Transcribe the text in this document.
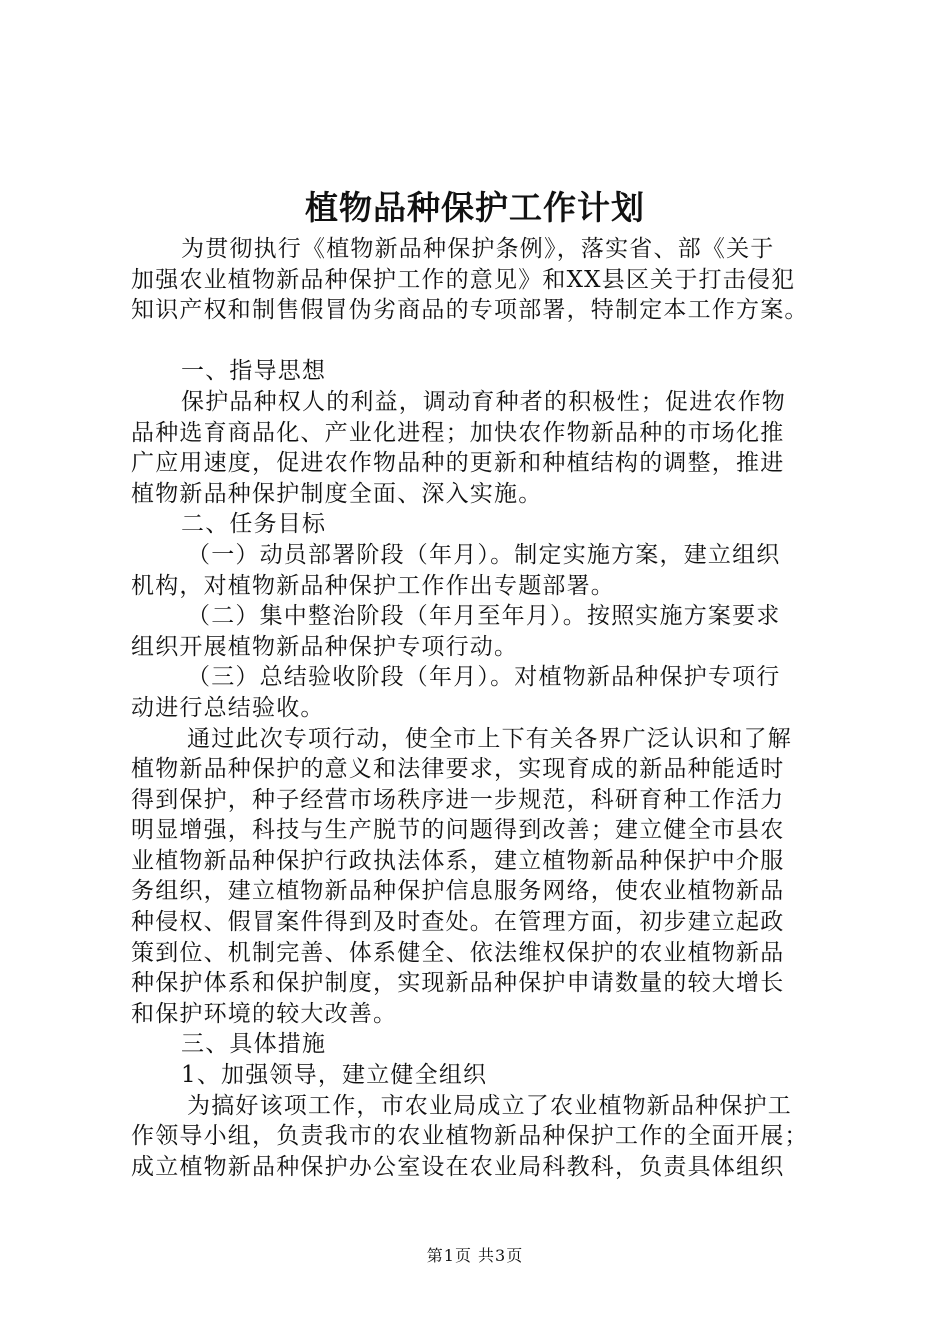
植物品种保护工作计划
为贯彻执行《植物新品种保护条例》，落实省、部《关于
加强农业植物新品种保护工作的意见》和XX县区关于打击侵犯
知识产权和制售假冒伪劣商品的专项部署，特制定本工作方案。
一、指导思想
保护品种权人的利益，调动育种者的积极性；促进农作物
品种选育商品化、产业化进程；加快农作物新品种的市场化推
广应用速度，促进农作物品种的更新和种植结构的调整，推进
植物新品种保护制度全面、深入实施。
二、任务目标
（一）动员部署阶段（年月）。制定实施方案，建立组织
机构，对植物新品种保护工作作出专题部署。
（二）集中整治阶段（年月至年月）。按照实施方案要求
组织开展植物新品种保护专项行动。
（三）总结验收阶段（年月）。对植物新品种保护专项行
动进行总结验收。
通过此次专项行动，使全市上下有关各界广泛认识和了解
植物新品种保护的意义和法律要求，实现育成的新品种能适时
得到保护，种子经营市场秩序进一步规范，科研育种工作活力
明显增强，科技与生产脱节的问题得到改善；建立健全市县农
业植物新品种保护行政执法体系，建立植物新品种保护中介服
务组织，建立植物新品种保护信息服务网络，使农业植物新品
种侵权、假冒案件得到及时查处。在管理方面，初步建立起政
策到位、机制完善、体系健全、依法维权保护的农业植物新品
种保护体系和保护制度，实现新品种保护申请数量的较大增长
和保护环境的较大改善。
三、具体措施
1、加强领导，建立健全组织
为搞好该项工作，市农业局成立了农业植物新品种保护工
作领导小组，负责我市的农业植物新品种保护工作的全面开展；
成立植物新品种保护办公室设在农业局科教科，负责具体组织
第1页 共3页
